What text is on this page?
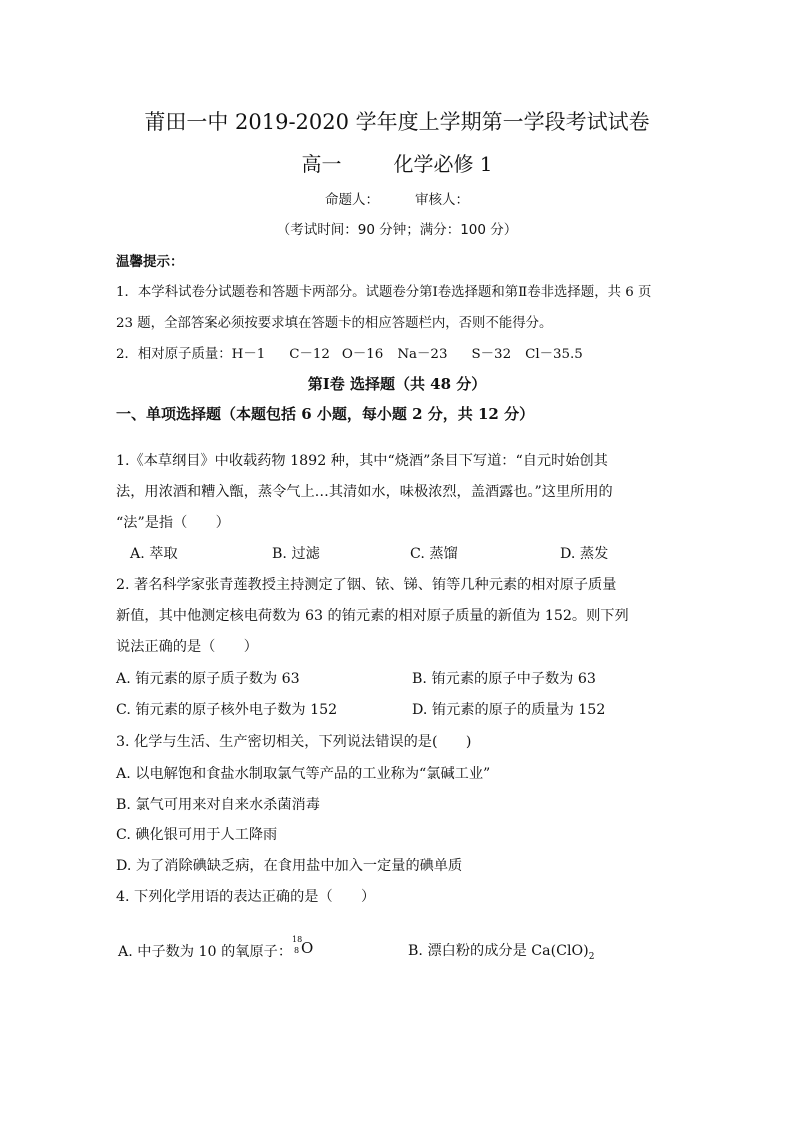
莆田一中 2019-2020 学年度上学期第一学段考试试卷
高一	化学必修 1
命题人：	审核人：
（考试时间：90 分钟；满分：100 分）
温馨提示：
1．本学科试卷分试题卷和答题卡两部分。试题卷分第Ⅰ卷选择题和第Ⅱ卷非选择题，共 6 页
23 题，全部答案必须按要求填在答题卡的相应答题栏内，否则不能得分。
2．相对原子质量：H－1 C－12 O－16 Na－23 S－32 Cl－35.5
第Ⅰ卷 选择题（共 48 分）
一、单项选择题（本题包括 6 小题，每小题 2 分，共 12 分）
1.《本草纲目》中收载药物 1892 种，其中“烧酒”条目下写道：“自元时始创其
法，用浓酒和糟入甑，蒸令气上…其清如水，味极浓烈，盖酒露也。”这里所用的
“法”是指（　　）
A. 萃取	B. 过滤	C. 蒸馏	D. 蒸发
2. 著名科学家张青莲教授主持测定了铟、铱、锑、铕等几种元素的相对原子质量
新值，其中他测定核电荷数为 63 的铕元素的相对原子质量的新值为 152。则下列
说法正确的是（　　）
A. 铕元素的原子质子数为 63	B. 铕元素的原子中子数为 63
C. 铕元素的原子核外电子数为 152	D. 铕元素的原子的质量为 152
3. 化学与生活、生产密切相关，下列说法错误的是(　　)
A. 以电解饱和食盐水制取氯气等产品的工业称为“氯碱工业”
B. 氯气可用来对自来水杀菌消毒
C. 碘化银可用于人工降雨
D. 为了消除碘缺乏病，在食用盐中加入一定量的碘单质
4. 下列化学用语的表达正确的是（　　）
A. 中子数为 10 的氧原子：
18
8 O	B. 漂白粉的成分是 $Ca(ClO)_2$
